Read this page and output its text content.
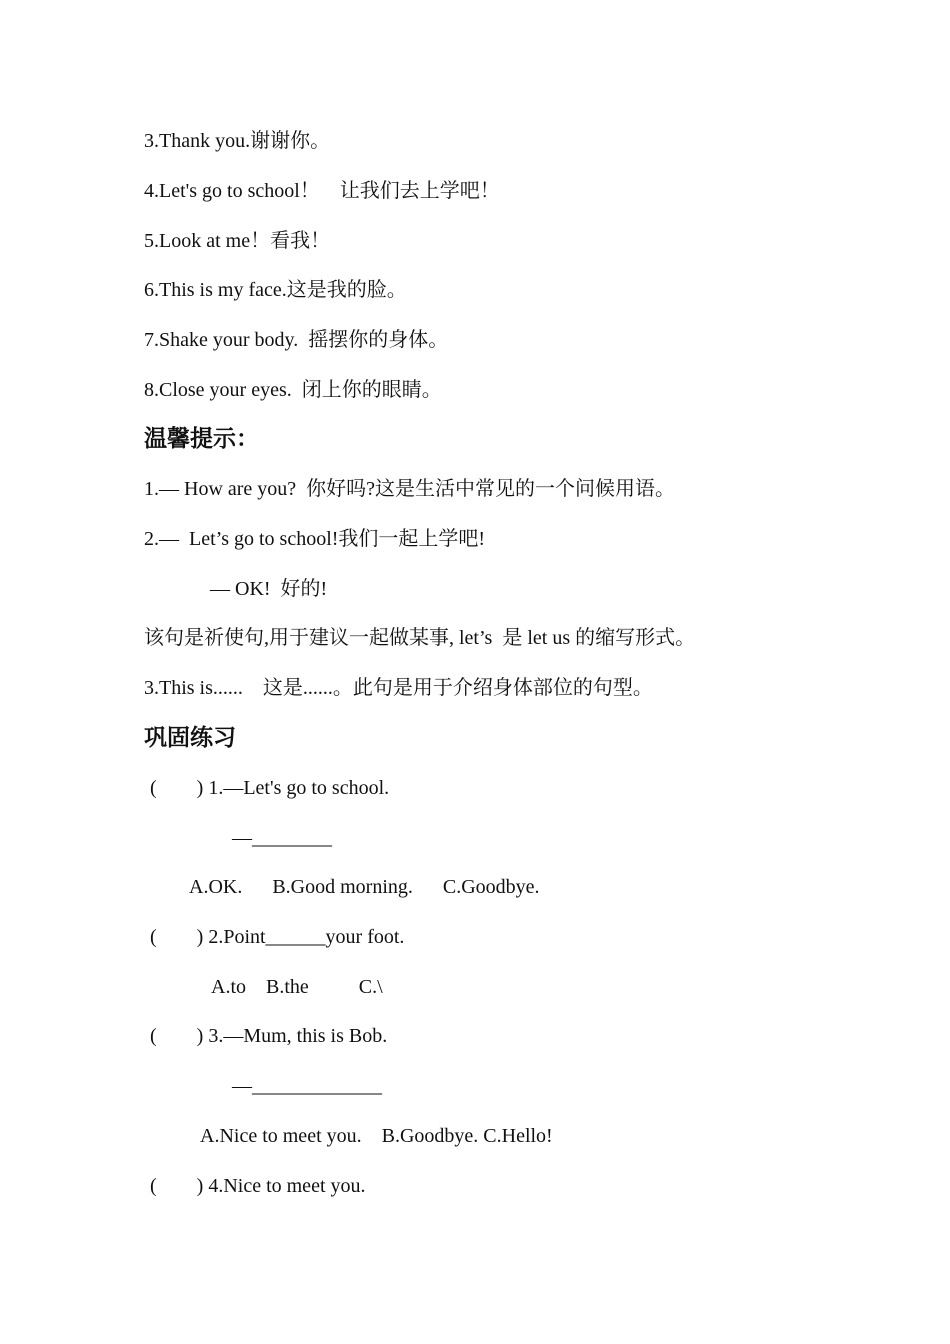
3.Thank you.谢谢你。
4.Let's go to school！　让我们去上学吧！
5.Look at me！看我！
6.This is my face.这是我的脸。
7.Shake your body.  摇摆你的身体。
8.Close your eyes.  闭上你的眼睛。
温馨提示：
1.— How are you?  你好吗?这是生活中常见的一个问候用语。
2.—  Let’s go to school!我们一起上学吧!
— OK!  好的!
该句是祈使句,用于建议一起做某事, let’s  是 let us 的缩写形式。
3.This is......    这是......。此句是用于介绍身体部位的句型。
巩固练习
(　　) 1.—Let's go to school.
—________
A.OK.      B.Good morning.      C.Goodbye.
(　　) 2.Point______your foot.
A.to    B.the          C.\
(　　) 3.—Mum, this is Bob.
—_____________
A.Nice to meet you.    B.Goodbye. C.Hello!
(　　) 4.Nice to meet you.
